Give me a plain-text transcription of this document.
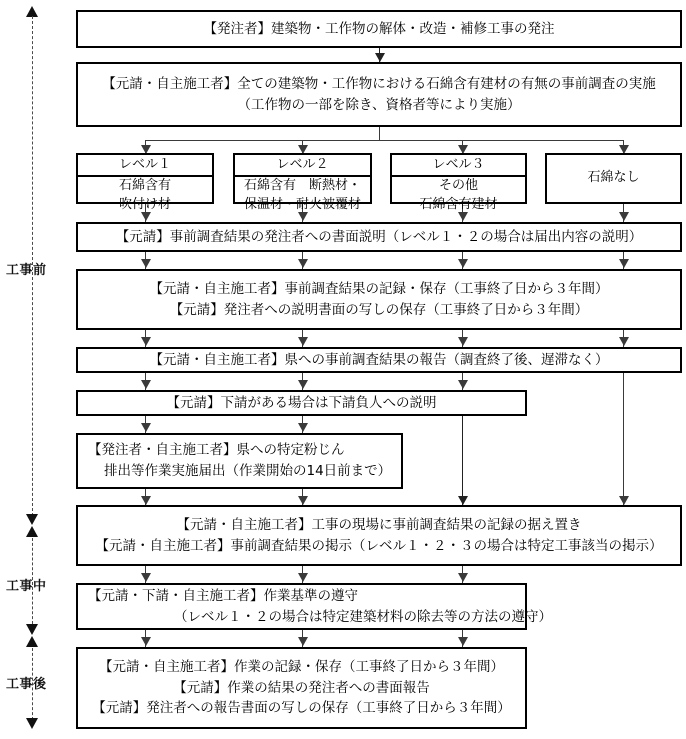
工事前
工事中
工事後
【発注者】建築物・工作物の解体・改造・補修工事の発注
【元請・自主施工者】全ての建築物・工作物における石綿含有建材の有無の事前調査の実施
（工作物の一部を除き、資格者等により実施）
レベル１
石綿含有
吹付け材
レベル２
石綿含有　断熱材・
保温材・耐火被覆材
レベル３
その他
石綿含有建材
石綿なし
【元請】事前調査結果の発注者への書面説明（レベル１・２の場合は届出内容の説明）
【元請・自主施工者】事前調査結果の記録・保存（工事終了日から３年間）
【元請】発注者への説明書面の写しの保存（工事終了日から３年間）
【元請・自主施工者】県への事前調査結果の報告（調査終了後、遅滞なく）
【元請】下請がある場合は下請負人への説明
【発注者・自主施工者】県への特定粉じん
排出等作業実施届出（作業開始の14日前まで）
【元請・自主施工者】工事の現場に事前調査結果の記録の据え置き
【元請・自主施工者】事前調査結果の掲示（レベル１・２・３の場合は特定工事該当の掲示）
【元請・下請・自主施工者】作業基準の遵守
（レベル１・２の場合は特定建築材料の除去等の方法の遵守）
【元請・自主施工者】作業の記録・保存（工事終了日から３年間）
【元請】作業の結果の発注者への書面報告
【元請】発注者への報告書面の写しの保存（工事終了日から３年間）
